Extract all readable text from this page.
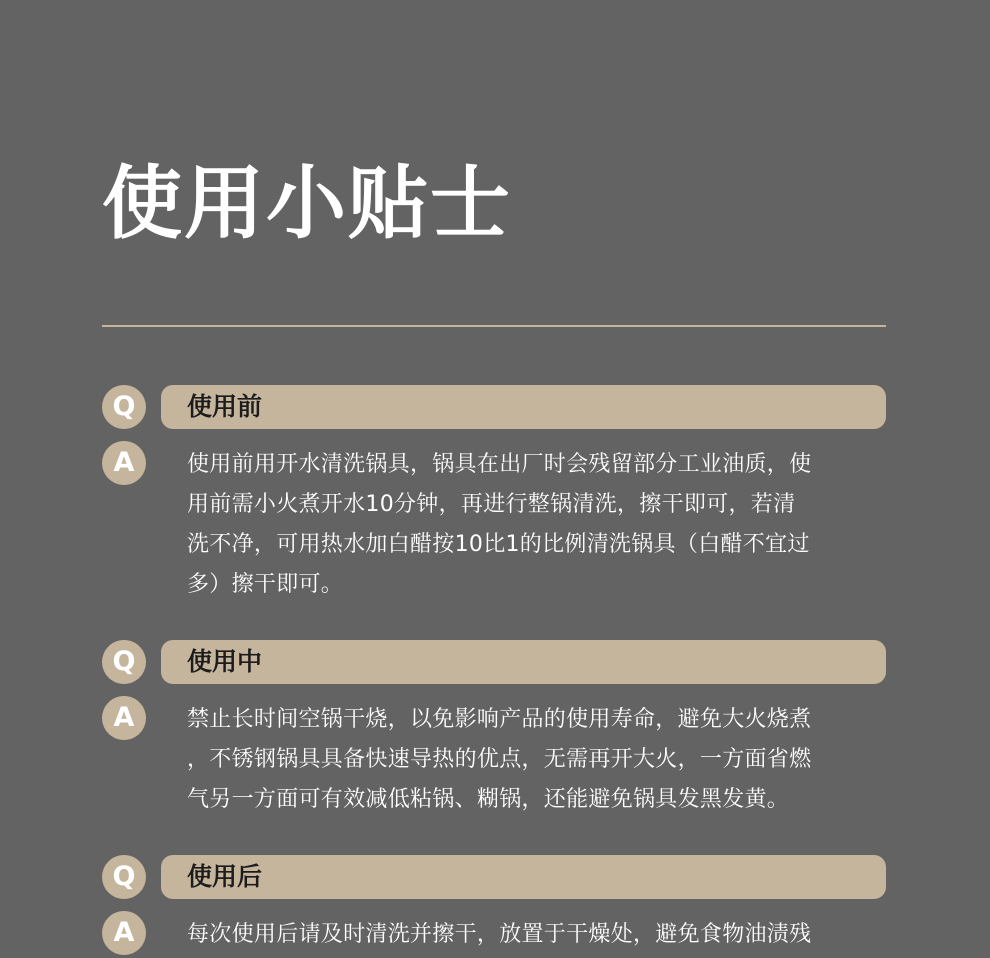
使用小贴士
Q	使用前
A	使用前用开水清洗锅具，锅具在出厂时会残留部分工业油质，使
用前需小火煮开水10分钟，再进行整锅清洗，擦干即可，若清
洗不净，可用热水加白醋按10比1的比例清洗锅具（白醋不宜过
多）擦干即可。
Q	使用中
A	禁止长时间空锅干烧，以免影响产品的使用寿命，避免大火烧煮
，不锈钢锅具具备快速导热的优点，无需再开大火，一方面省燃
气另一方面可有效减低粘锅、糊锅，还能避免锅具发黑发黄。
Q	使用后
A	每次使用后请及时清洗并擦干，放置于干燥处，避免食物油渍残
